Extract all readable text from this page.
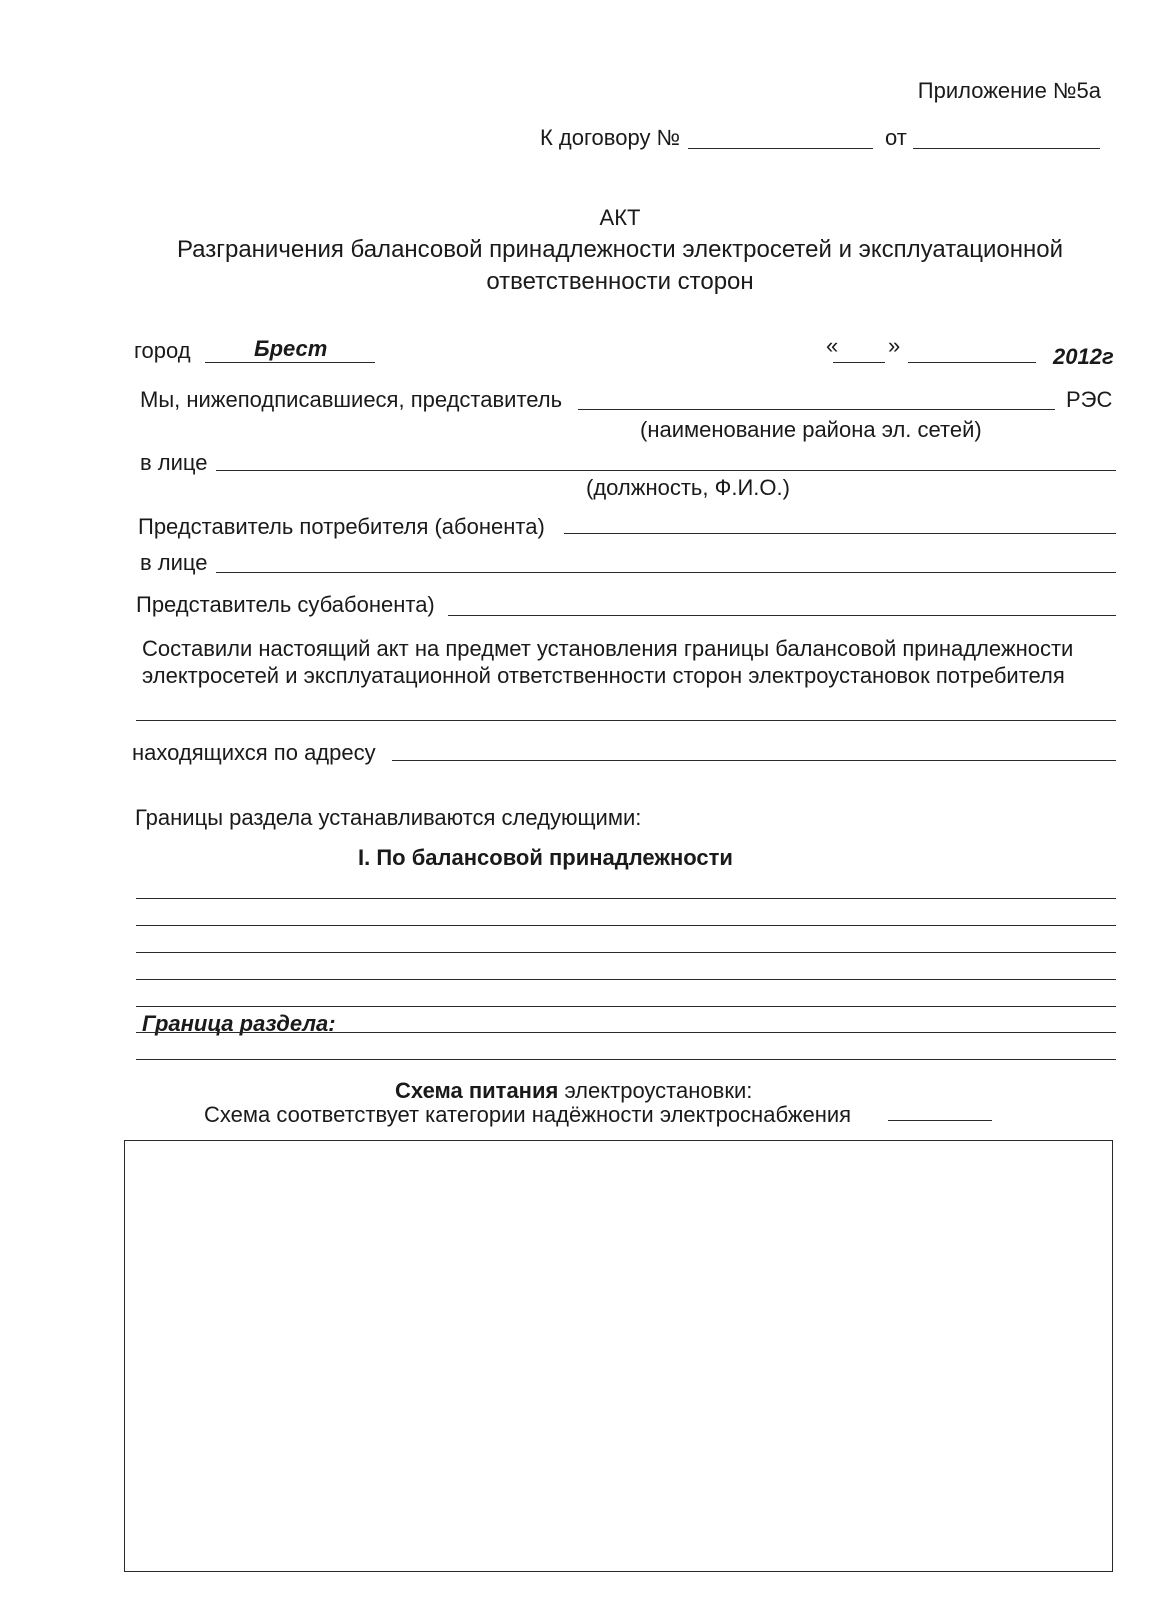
Приложение №5а
К договору №	от
АКТ
Разграничения балансовой принадлежности электросетей и эксплуатационной
ответственности сторон
город	Брест	« »	2012г
Мы, нижеподписавшиеся, представитель	РЭС
(наименование района эл. сетей)
в лице
(должность, Ф.И.О.)
Представитель потребителя (абонента)
в лице
Представитель субабонента)
Составили настоящий акт на предмет установления границы балансовой принадлежности
электросетей и эксплуатационной ответственности сторон электроустановок потребителя
находящихся по адресу
Границы раздела устанавливаются следующими:
I. По балансовой принадлежности
Граница раздела:
Схема питания электроустановки:
Схема соответствует категории надёжности электроснабжения
